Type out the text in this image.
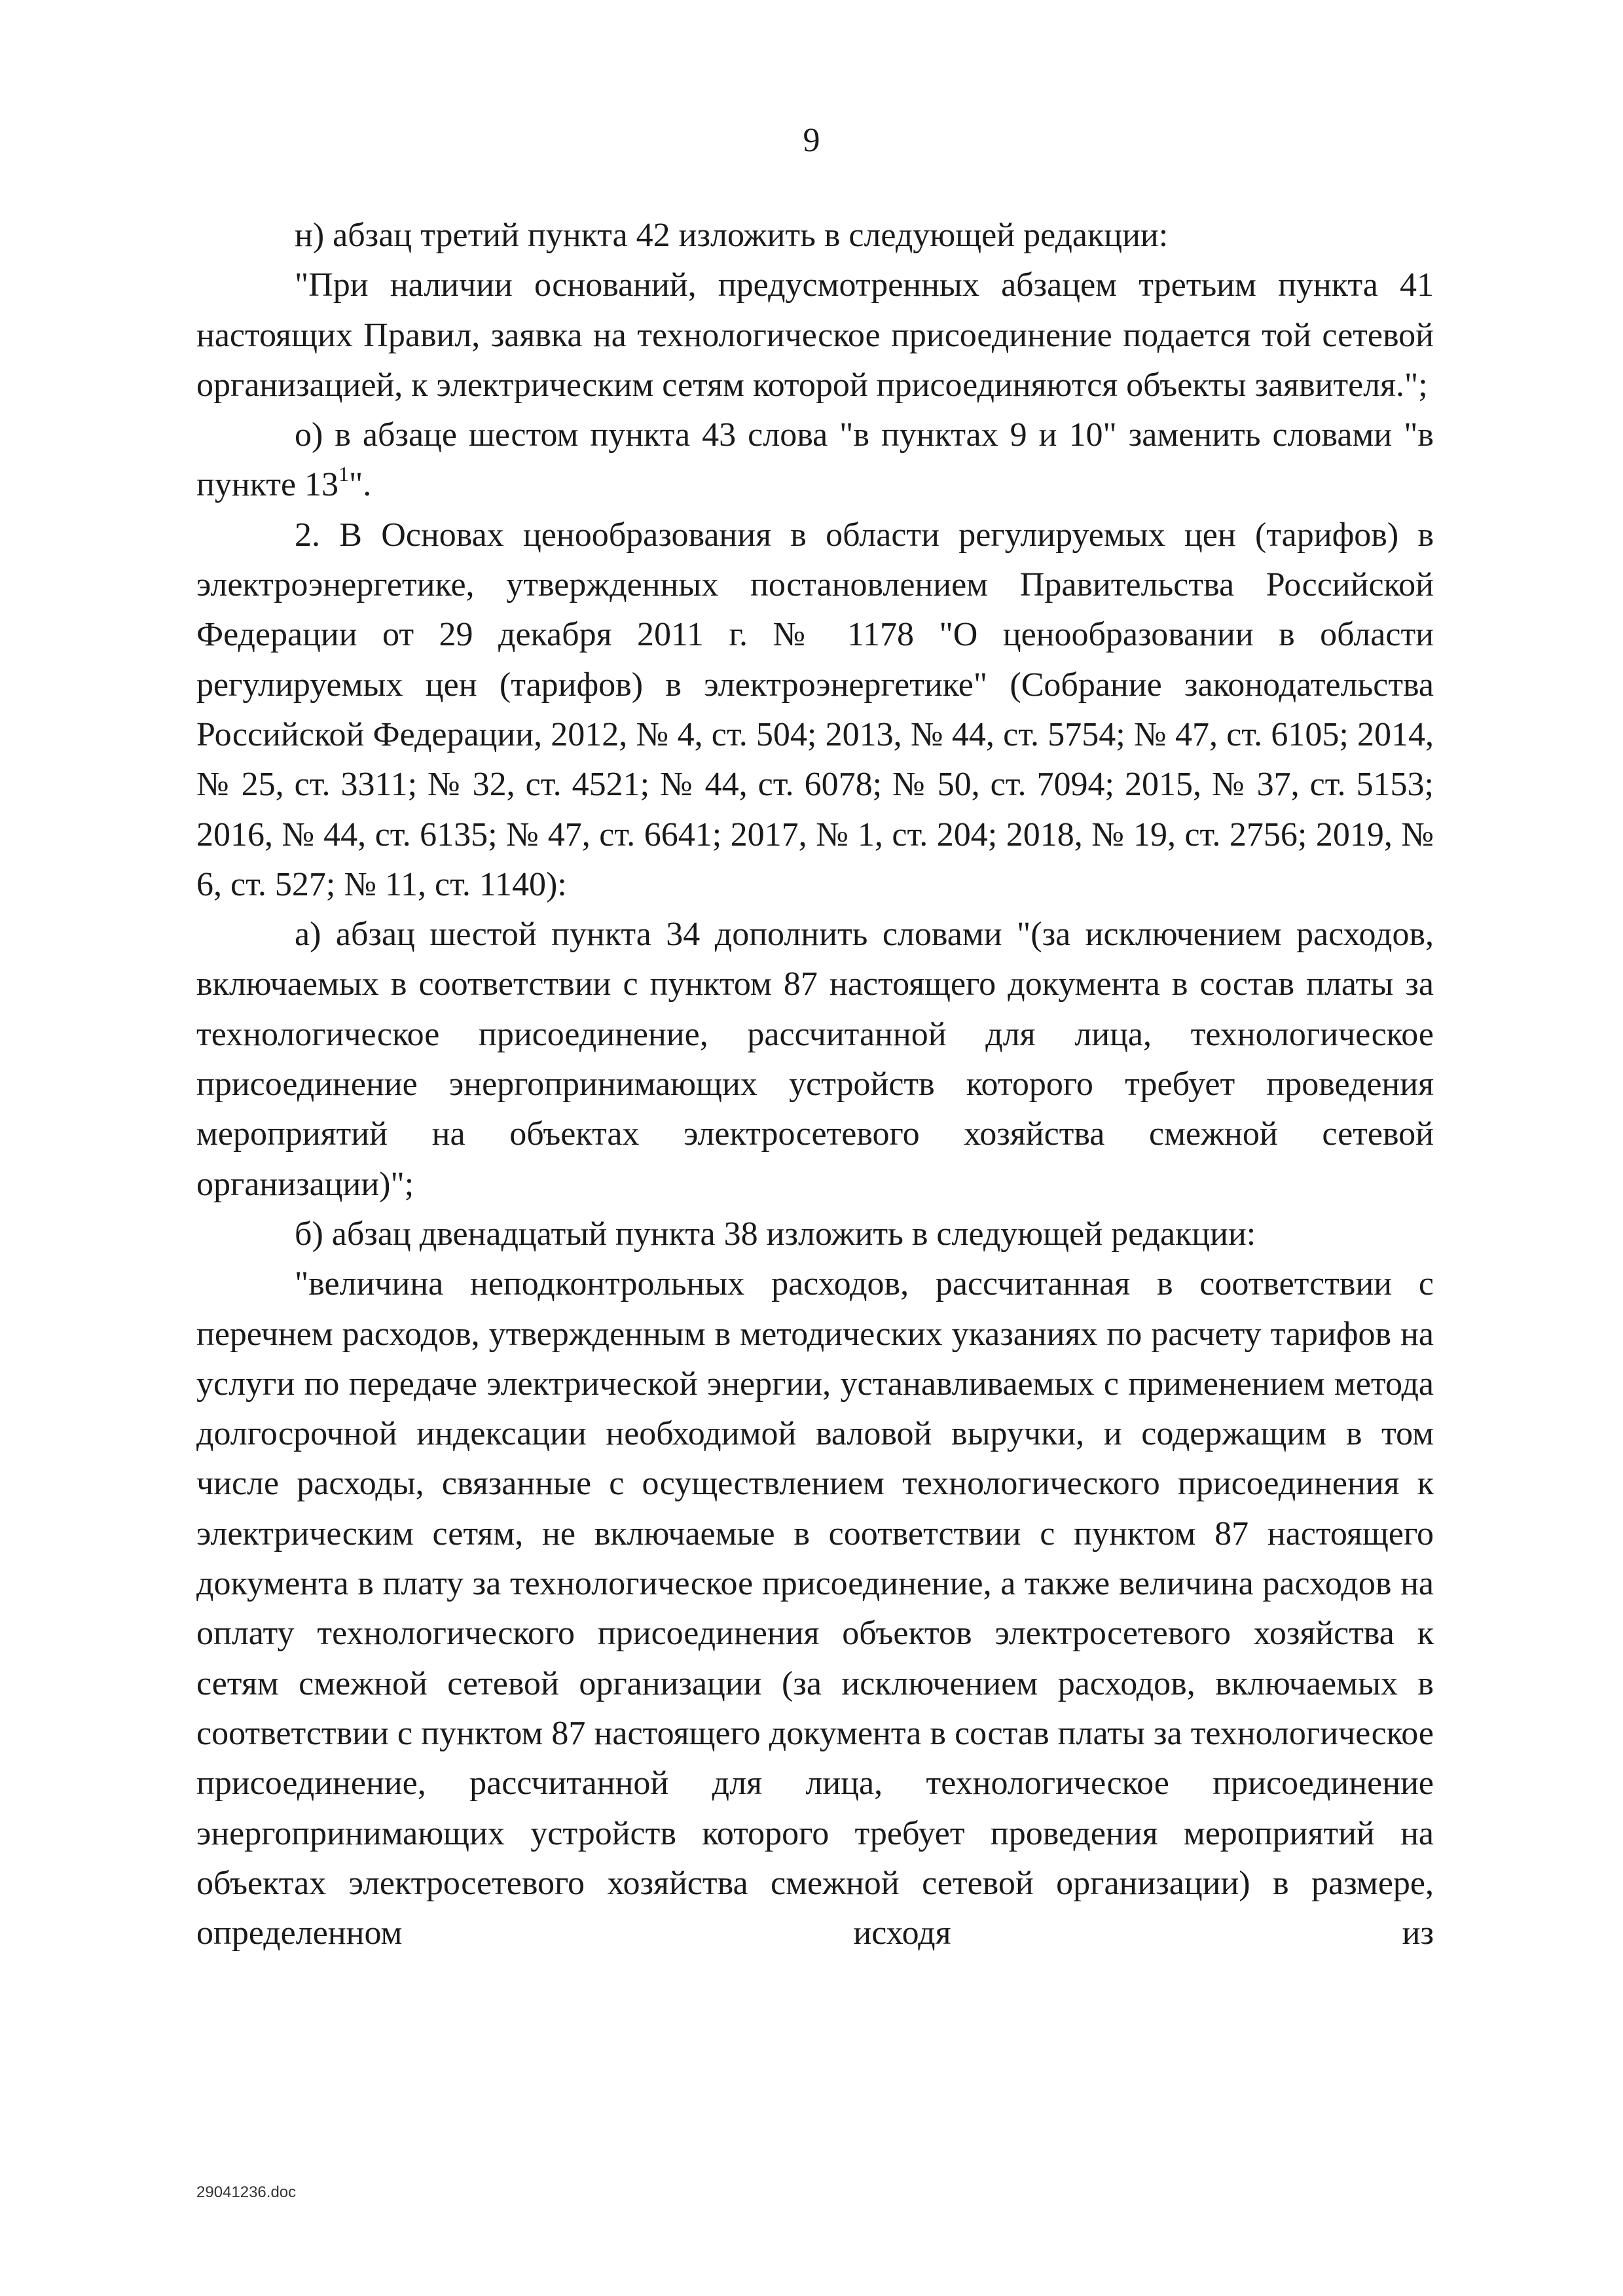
9

н) абзац третий пункта 42 изложить в следующей редакции:

"При наличии оснований, предусмотренных абзацем третьим пункта 41 настоящих Правил, заявка на технологическое присоединение подается той сетевой организацией, к электрическим сетям которой присоединяются объекты заявителя.";

о) в абзаце шестом пункта 43 слова "в пунктах 9 и 10" заменить словами "в пункте $13^1$".

2. В Основах ценообразования в области регулируемых цен (тарифов) в электроэнергетике, утвержденных постановлением Правительства Российской Федерации от 29 декабря 2011 г. № 1178 "О ценообразовании в области регулируемых цен (тарифов) в электроэнергетике" (Собрание законодательства Российской Федерации, 2012, № 4, ст. 504; 2013, № 44, ст. 5754; № 47, ст. 6105; 2014, № 25, ст. 3311; № 32, ст. 4521; № 44, ст. 6078; № 50, ст. 7094; 2015, № 37, ст. 5153; 2016, № 44, ст. 6135; № 47, ст. 6641; 2017, № 1, ст. 204; 2018, № 19, ст. 2756; 2019, № 6, ст. 527; № 11, ст. 1140):

а) абзац шестой пункта 34 дополнить словами "(за исключением расходов, включаемых в соответствии с пунктом 87 настоящего документа в состав платы за технологическое присоединение, рассчитанной для лица, технологическое присоединение энергопринимающих устройств которого требует проведения мероприятий на объектах электросетевого хозяйства смежной сетевой организации)";

б) абзац двенадцатый пункта 38 изложить в следующей редакции:

"величина неподконтрольных расходов, рассчитанная в соответствии с перечнем расходов, утвержденным в методических указаниях по расчету тарифов на услуги по передаче электрической энергии, устанавливаемых с применением метода долгосрочной индексации необходимой валовой выручки, и содержащим в том числе расходы, связанные с осуществлением технологического присоединения к электрическим сетям, не включаемые в соответствии с пунктом 87 настоящего документа в плату за технологическое присоединение, а также величина расходов на оплату технологического присоединения объектов электросетевого хозяйства к сетям смежной сетевой организации (за исключением расходов, включаемых в соответствии с пунктом 87 настоящего документа в состав платы за технологическое присоединение, рассчитанной для лица, технологическое присоединение энергопринимающих устройств которого требует проведения мероприятий на объектах электросетевого хозяйства смежной сетевой организации) в размере, определенном исходя из

29041236.doc
